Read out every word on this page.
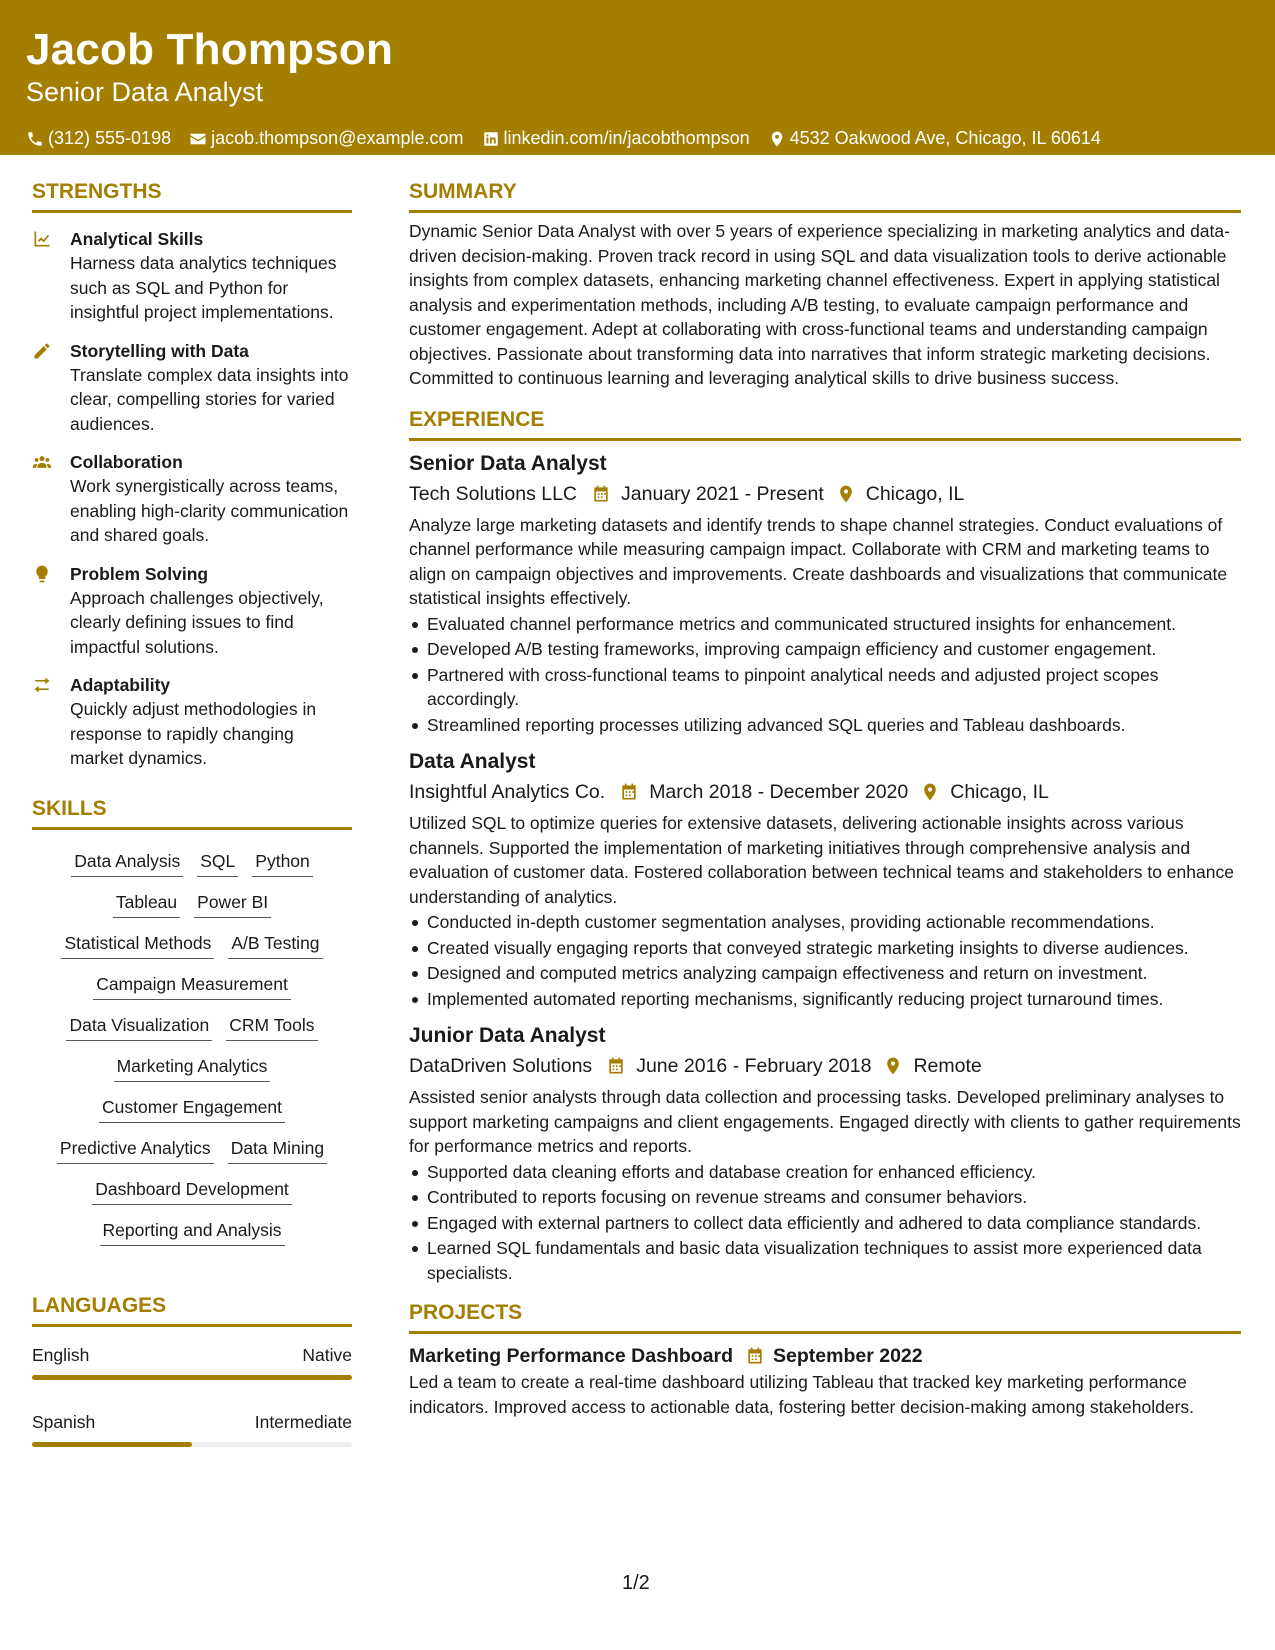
Jacob Thompson
Senior Data Analyst
(312) 555-0198 jacob.thompson@example.com linkedin.com/in/jacobthompson 4532 Oakwood Ave, Chicago, IL 60614
STRENGTHS
Analytical Skills
Harness data analytics techniques such as SQL and Python for insightful project implementations.
Storytelling with Data
Translate complex data insights into clear, compelling stories for varied audiences.
Collaboration
Work synergistically across teams, enabling high-clarity communication and shared goals.
Problem Solving
Approach challenges objectively, clearly defining issues to find impactful solutions.
Adaptability
Quickly adjust methodologies in response to rapidly changing market dynamics.
SKILLS
Data Analysis SQL Python
Tableau Power BI
Statistical Methods A/B Testing
Campaign Measurement
Data Visualization CRM Tools
Marketing Analytics
Customer Engagement
Predictive Analytics Data Mining
Dashboard Development
Reporting and Analysis
LANGUAGES
English	Native
Spanish	Intermediate
SUMMARY
Dynamic Senior Data Analyst with over 5 years of experience specializing in marketing analytics and data-driven decision-making. Proven track record in using SQL and data visualization tools to derive actionable insights from complex datasets, enhancing marketing channel effectiveness. Expert in applying statistical analysis and experimentation methods, including A/B testing, to evaluate campaign performance and customer engagement. Adept at collaborating with cross-functional teams and understanding campaign objectives. Passionate about transforming data into narratives that inform strategic marketing decisions. Committed to continuous learning and leveraging analytical skills to drive business success.
EXPERIENCE
Senior Data Analyst
Tech Solutions LLC January 2021 - Present Chicago, IL
Analyze large marketing datasets and identify trends to shape channel strategies. Conduct evaluations of channel performance while measuring campaign impact. Collaborate with CRM and marketing teams to align on campaign objectives and improvements. Create dashboards and visualizations that communicate statistical insights effectively.
Evaluated channel performance metrics and communicated structured insights for enhancement.
Developed A/B testing frameworks, improving campaign efficiency and customer engagement.
Partnered with cross-functional teams to pinpoint analytical needs and adjusted project scopes accordingly.
Streamlined reporting processes utilizing advanced SQL queries and Tableau dashboards.
Data Analyst
Insightful Analytics Co. March 2018 - December 2020 Chicago, IL
Utilized SQL to optimize queries for extensive datasets, delivering actionable insights across various channels. Supported the implementation of marketing initiatives through comprehensive analysis and evaluation of customer data. Fostered collaboration between technical teams and stakeholders to enhance understanding of analytics.
Conducted in-depth customer segmentation analyses, providing actionable recommendations.
Created visually engaging reports that conveyed strategic marketing insights to diverse audiences.
Designed and computed metrics analyzing campaign effectiveness and return on investment.
Implemented automated reporting mechanisms, significantly reducing project turnaround times.
Junior Data Analyst
DataDriven Solutions June 2016 - February 2018 Remote
Assisted senior analysts through data collection and processing tasks. Developed preliminary analyses to support marketing campaigns and client engagements. Engaged directly with clients to gather requirements for performance metrics and reports.
Supported data cleaning efforts and database creation for enhanced efficiency.
Contributed to reports focusing on revenue streams and consumer behaviors.
Engaged with external partners to collect data efficiently and adhered to data compliance standards.
Learned SQL fundamentals and basic data visualization techniques to assist more experienced data specialists.
PROJECTS
Marketing Performance Dashboard September 2022
Led a team to create a real-time dashboard utilizing Tableau that tracked key marketing performance indicators. Improved access to actionable data, fostering better decision-making among stakeholders.
1/2
